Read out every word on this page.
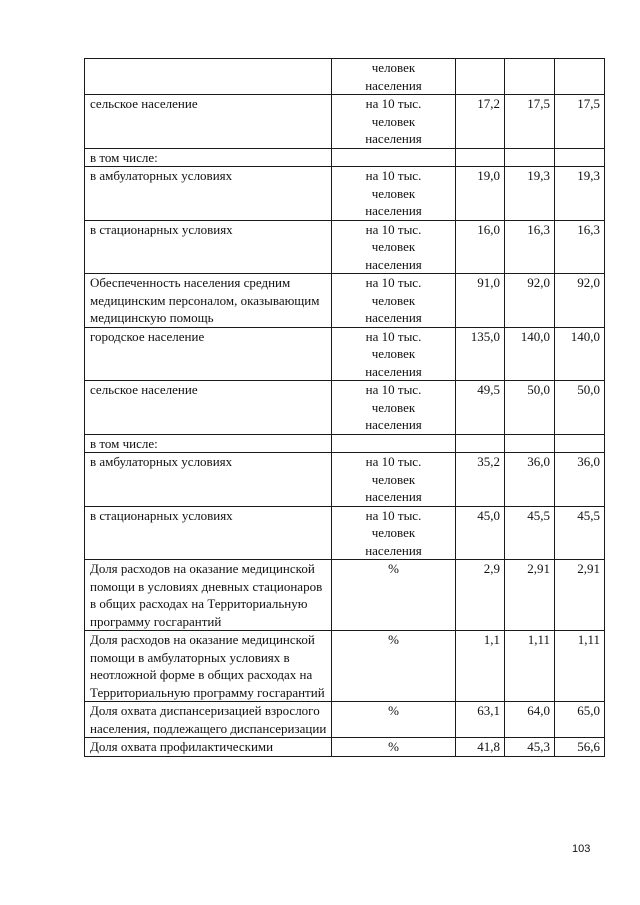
	человек
населения			
сельское население	на 10 тыс.
человек
населения	17,2	17,5	17,5
в том числе:				
в амбулаторных условиях	на 10 тыс.
человек
населения	19,0	19,3	19,3
в стационарных условиях	на 10 тыс.
человек
населения	16,0	16,3	16,3
Обеспеченность населения средним медицинским персоналом, оказывающим медицинскую помощь	на 10 тыс.
человек
населения	91,0	92,0	92,0
городское население	на 10 тыс.
человек
населения	135,0	140,0	140,0
сельское население	на 10 тыс.
человек
населения	49,5	50,0	50,0
в том числе:				
в амбулаторных условиях	на 10 тыс.
человек
населения	35,2	36,0	36,0
в стационарных условиях	на 10 тыс.
человек
населения	45,0	45,5	45,5
Доля расходов на оказание медицинской помощи в условиях дневных стационаров в общих расходах на Территориальную программу госгарантий	%	2,9	2,91	2,91
Доля расходов на оказание медицинской помощи в амбулаторных условиях в неотложной форме в общих расходах на Территориальную программу госгарантий	%	1,1	1,11	1,11
Доля охвата диспансеризацией взрослого населения, подлежащего диспансеризации	%	63,1	64,0	65,0
Доля охвата профилактическими	%	41,8	45,3	56,6
103
